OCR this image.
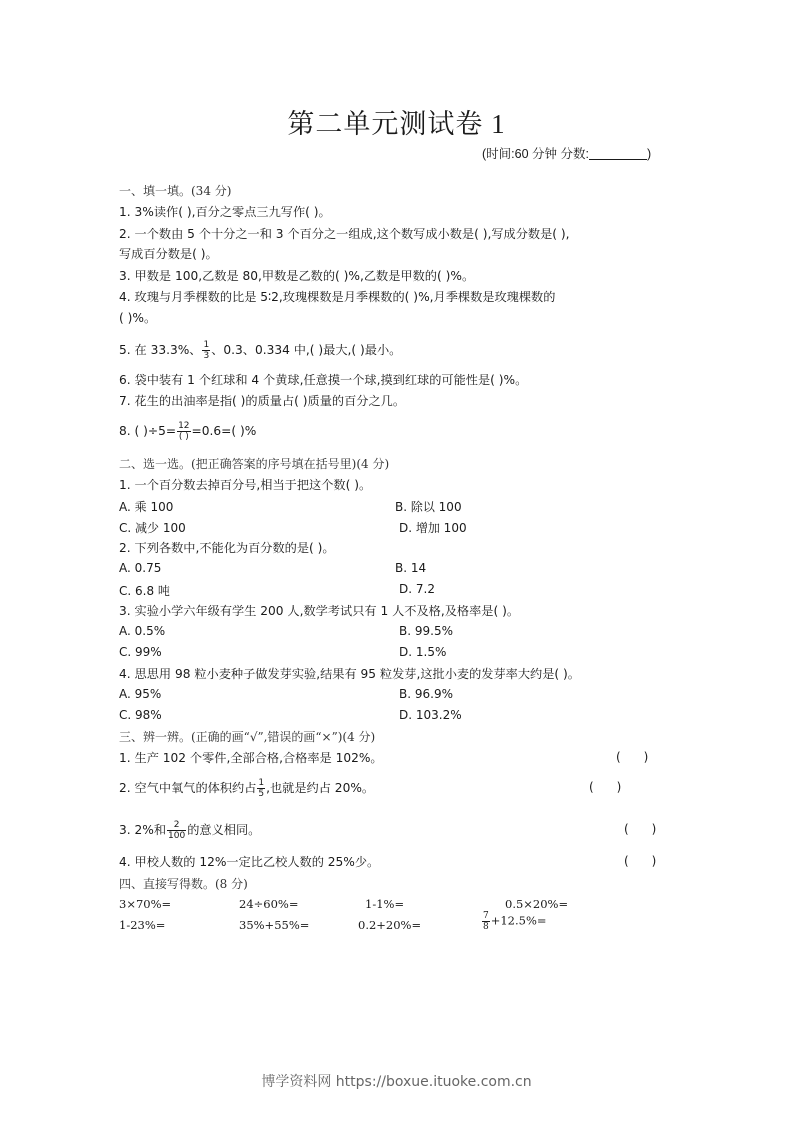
第二单元测试卷 1
(时间:60 分钟 分数:	)
一、填一填。(34 分)
1. 3%读作( ),百分之零点三九写作( )。
2. 一个数由 5 个十分之一和 3 个百分之一组成,这个数写成小数是( ),写成分数是( ),
写成百分数是( )。
3. 甲数是 100,乙数是 80,甲数是乙数的( )%,乙数是甲数的( )%。
4. 玫瑰与月季棵数的比是 5∶2,玫瑰棵数是月季棵数的( )%,月季棵数是玫瑰棵数的
( )%。
5. 在 33.3%、 $\frac{1}{3}$ 、0.3、0.334 中,( )最大,( )最小。
6. 袋中装有 1 个红球和 4 个黄球,任意摸一个球,摸到红球的可能性是( )%。
7. 花生的出油率是指( )的质量占( )质量的百分之几。
8. ( )$\div 5= \frac{12}{( )} =0.6=$( )%
二、选一选。(把正确答案的序号填在括号里)(4 分)
1. 一个百分数去掉百分号,相当于把这个数( )。
A. 乘 100	B. 除以 100
C. 减少 100	D. 增加 100
2. 下列各数中,不能化为百分数的是( )。
A. 0.75	B. 14
C. 6.8 吨	D. 7.2
3. 实验小学六年级有学生 200 人,数学考试只有 1 人不及格,及格率是( )。
A. 0.5%	B. 99.5%
C. 99%	D. 1.5%
4. 思思用 98 粒小麦种子做发芽实验,结果有 95 粒发芽,这批小麦的发芽率大约是( )。
A. 95%	B. 96.9%
C. 98%	D. 103.2%
三、辨一辨。(正确的画“√”,错误的画“×”)(4 分)
1. 生产 102 个零件,全部合格,合格率是 102%。	(      )
2. 空气中氧气的体积约占 $\frac{1}{5}$ ,也就是约占 20%。	(      )
3. 2%和 $\frac{2}{100}$ 的意义相同。	(      )
4. 甲校人数的 12%一定比乙校人数的 25%少。	(      )
四、直接写得数。(8 分)
3×70%=	24÷60%=	1-1%=	0.5×20%=
1-23%=	35%+55%=	0.2+20%=	$\frac{7}{8} +12.5\%=$
博学资料网 https://boxue.ituoke.com.cn
